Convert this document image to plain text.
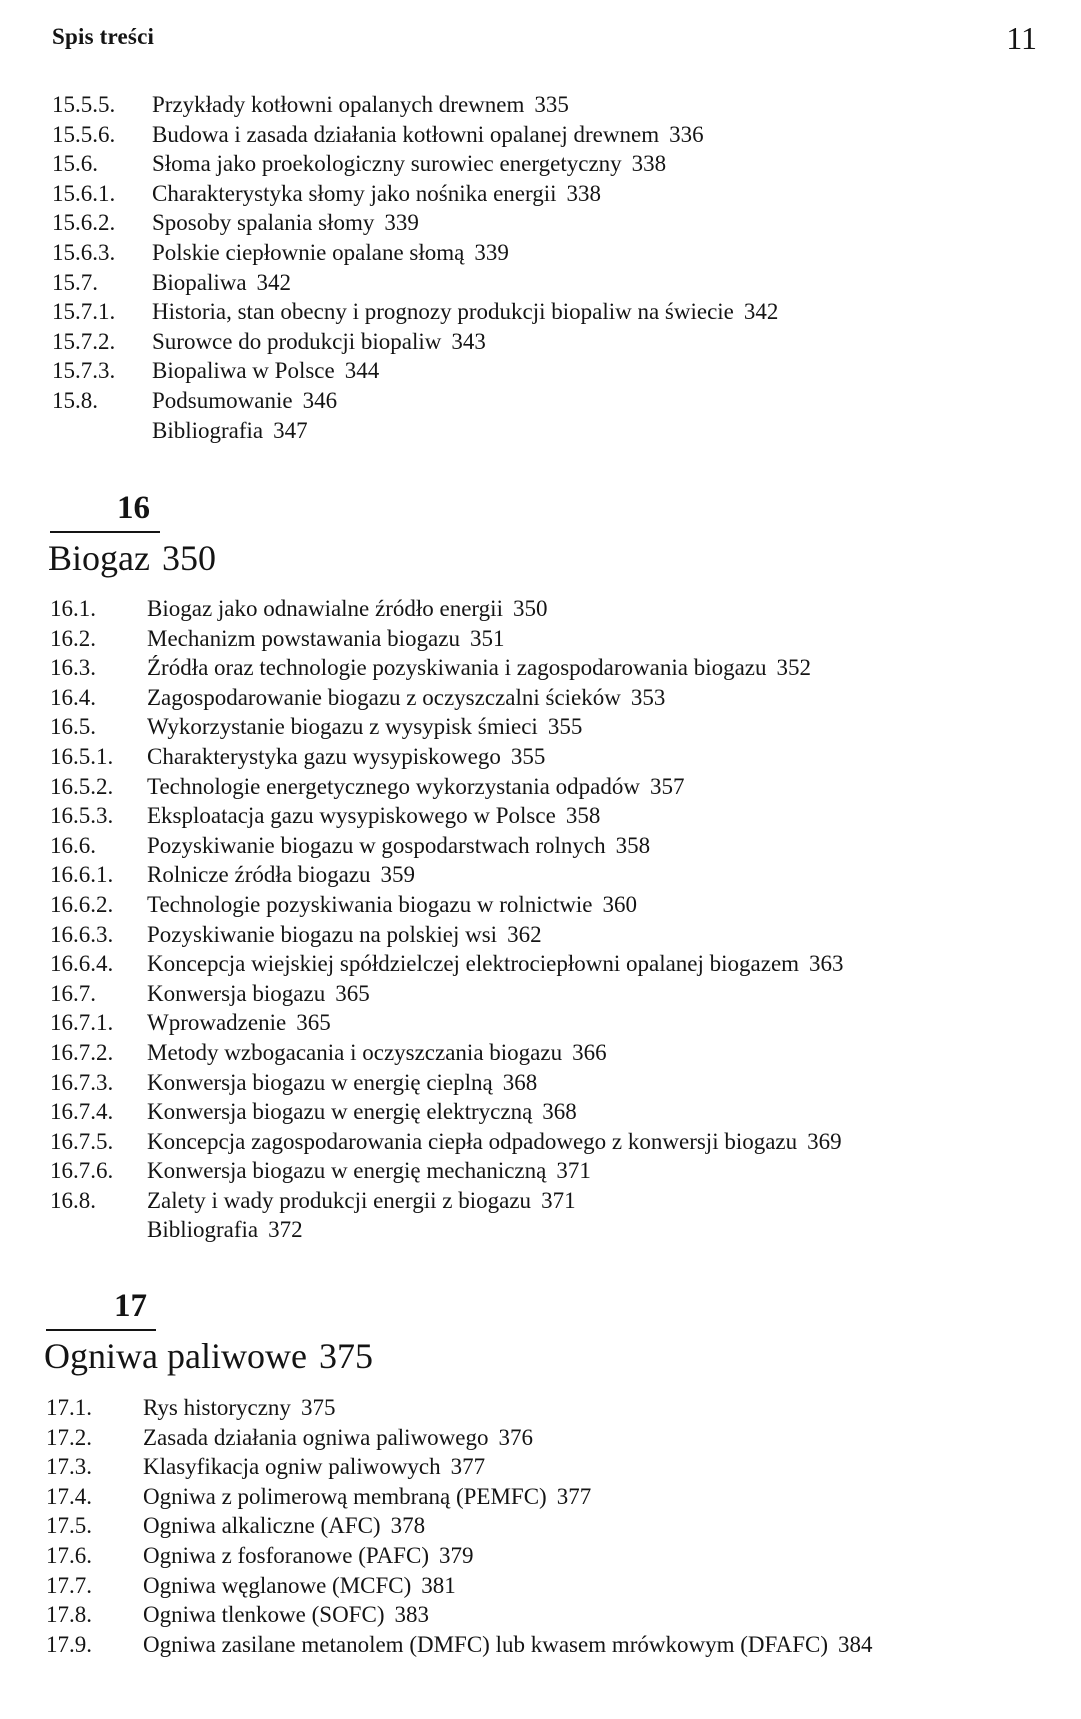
Spis treści	11
15.5.5. Przykłady kotłowni opalanych drewnem 335
15.5.6. Budowa i zasada działania kotłowni opalanej drewnem 336
15.6. Słoma jako proekologiczny surowiec energetyczny 338
15.6.1. Charakterystyka słomy jako nośnika energii 338
15.6.2. Sposoby spalania słomy 339
15.6.3. Polskie ciepłownie opalane słomą 339
15.7. Biopaliwa 342
15.7.1. Historia, stan obecny i prognozy produkcji biopaliw na świecie 342
15.7.2. Surowce do produkcji biopaliw 343
15.7.3. Biopaliwa w Polsce 344
15.8. Podsumowanie 346
Bibliografia 347
16
Biogaz 350
16.1. Biogaz jako odnawialne źródło energii 350
16.2. Mechanizm powstawania biogazu 351
16.3. Źródła oraz technologie pozyskiwania i zagospodarowania biogazu 352
16.4. Zagospodarowanie biogazu z oczyszczalni ścieków 353
16.5. Wykorzystanie biogazu z wysypisk śmieci 355
16.5.1. Charakterystyka gazu wysypiskowego 355
16.5.2. Technologie energetycznego wykorzystania odpadów 357
16.5.3. Eksploatacja gazu wysypiskowego w Polsce 358
16.6. Pozyskiwanie biogazu w gospodarstwach rolnych 358
16.6.1. Rolnicze źródła biogazu 359
16.6.2. Technologie pozyskiwania biogazu w rolnictwie 360
16.6.3. Pozyskiwanie biogazu na polskiej wsi 362
16.6.4. Koncepcja wiejskiej spółdzielczej elektrociepłowni opalanej biogazem 363
16.7. Konwersja biogazu 365
16.7.1. Wprowadzenie 365
16.7.2. Metody wzbogacania i oczyszczania biogazu 366
16.7.3. Konwersja biogazu w energię cieplną 368
16.7.4. Konwersja biogazu w energię elektryczną 368
16.7.5. Koncepcja zagospodarowania ciepła odpadowego z konwersji biogazu 369
16.7.6. Konwersja biogazu w energię mechaniczną 371
16.8. Zalety i wady produkcji energii z biogazu 371
Bibliografia 372
17
Ogniwa paliwowe 375
17.1. Rys historyczny 375
17.2. Zasada działania ogniwa paliwowego 376
17.3. Klasyfikacja ogniw paliwowych 377
17.4. Ogniwa z polimerową membraną (PEMFC) 377
17.5. Ogniwa alkaliczne (AFC) 378
17.6. Ogniwa z fosforanowe (PAFC) 379
17.7. Ogniwa węglanowe (MCFC) 381
17.8. Ogniwa tlenkowe (SOFC) 383
17.9. Ogniwa zasilane metanolem (DMFC) lub kwasem mrówkowym (DFAFC) 384
